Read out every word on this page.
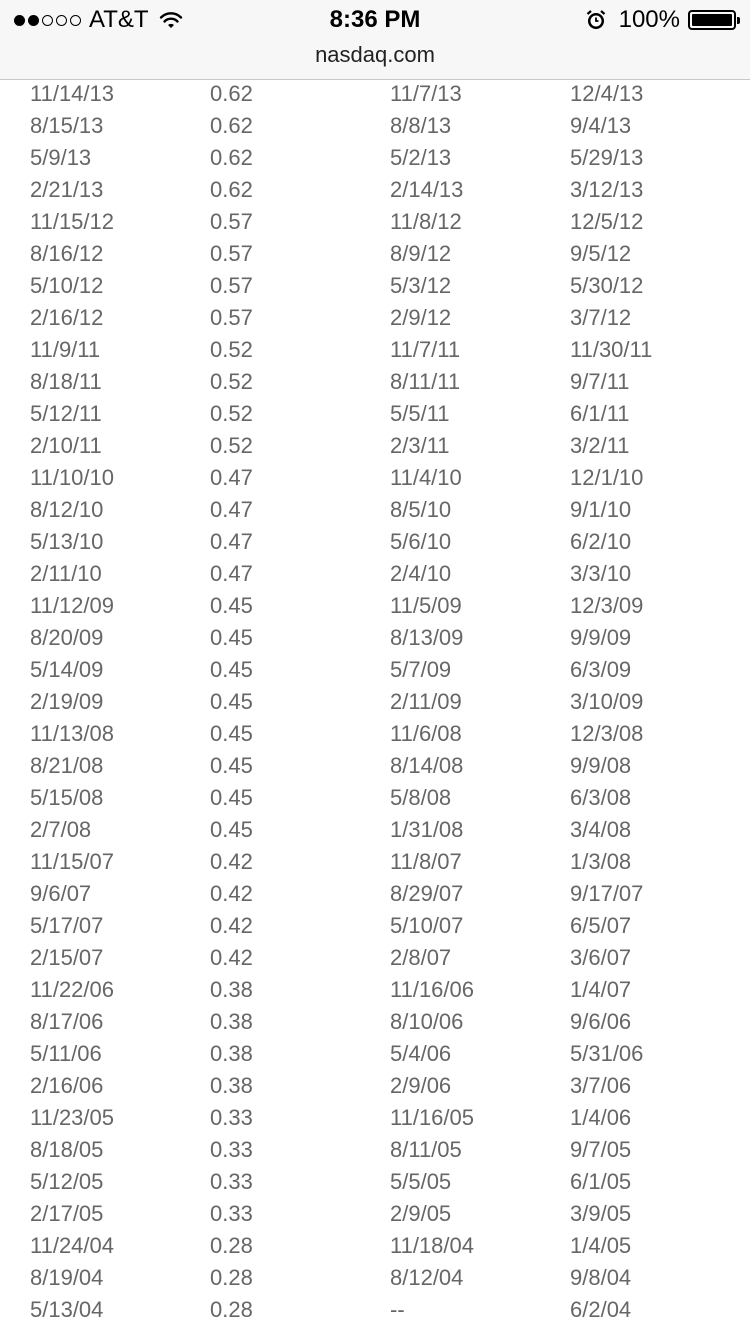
AT&T	8:36 PM	100%
nasdaq.com
11/14/13	0.62	11/7/13	12/4/13
8/15/13	0.62	8/8/13	9/4/13
5/9/13	0.62	5/2/13	5/29/13
2/21/13	0.62	2/14/13	3/12/13
11/15/12	0.57	11/8/12	12/5/12
8/16/12	0.57	8/9/12	9/5/12
5/10/12	0.57	5/3/12	5/30/12
2/16/12	0.57	2/9/12	3/7/12
11/9/11	0.52	11/7/11	11/30/11
8/18/11	0.52	8/11/11	9/7/11
5/12/11	0.52	5/5/11	6/1/11
2/10/11	0.52	2/3/11	3/2/11
11/10/10	0.47	11/4/10	12/1/10
8/12/10	0.47	8/5/10	9/1/10
5/13/10	0.47	5/6/10	6/2/10
2/11/10	0.47	2/4/10	3/3/10
11/12/09	0.45	11/5/09	12/3/09
8/20/09	0.45	8/13/09	9/9/09
5/14/09	0.45	5/7/09	6/3/09
2/19/09	0.45	2/11/09	3/10/09
11/13/08	0.45	11/6/08	12/3/08
8/21/08	0.45	8/14/08	9/9/08
5/15/08	0.45	5/8/08	6/3/08
2/7/08	0.45	1/31/08	3/4/08
11/15/07	0.42	11/8/07	1/3/08
9/6/07	0.42	8/29/07	9/17/07
5/17/07	0.42	5/10/07	6/5/07
2/15/07	0.42	2/8/07	3/6/07
11/22/06	0.38	11/16/06	1/4/07
8/17/06	0.38	8/10/06	9/6/06
5/11/06	0.38	5/4/06	5/31/06
2/16/06	0.38	2/9/06	3/7/06
11/23/05	0.33	11/16/05	1/4/06
8/18/05	0.33	8/11/05	9/7/05
5/12/05	0.33	5/5/05	6/1/05
2/17/05	0.33	2/9/05	3/9/05
11/24/04	0.28	11/18/04	1/4/05
8/19/04	0.28	8/12/04	9/8/04
5/13/04	0.28	--	6/2/04
